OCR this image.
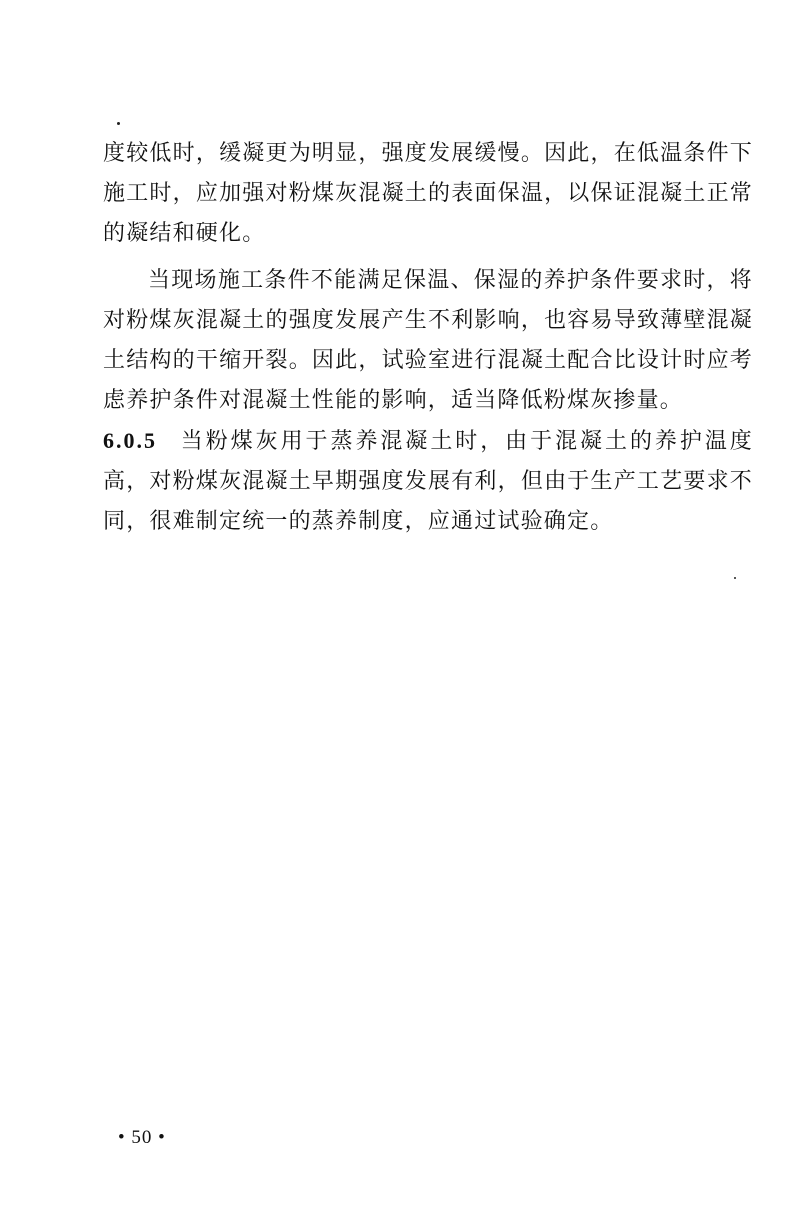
度较低时，缓凝更为明显，强度发展缓慢。因此，在低温条件下施工时，应加强对粉煤灰混凝土的表面保温，以保证混凝土正常的凝结和硬化。

当现场施工条件不能满足保温、保湿的养护条件要求时，将对粉煤灰混凝土的强度发展产生不利影响，也容易导致薄壁混凝土结构的干缩开裂。因此，试验室进行混凝土配合比设计时应考虑养护条件对混凝土性能的影响，适当降低粉煤灰掺量。

6.0.5 当粉煤灰用于蒸养混凝土时，由于混凝土的养护温度高，对粉煤灰混凝土早期强度发展有利，但由于生产工艺要求不同，很难制定统一的蒸养制度，应通过试验确定。

• 50 •
